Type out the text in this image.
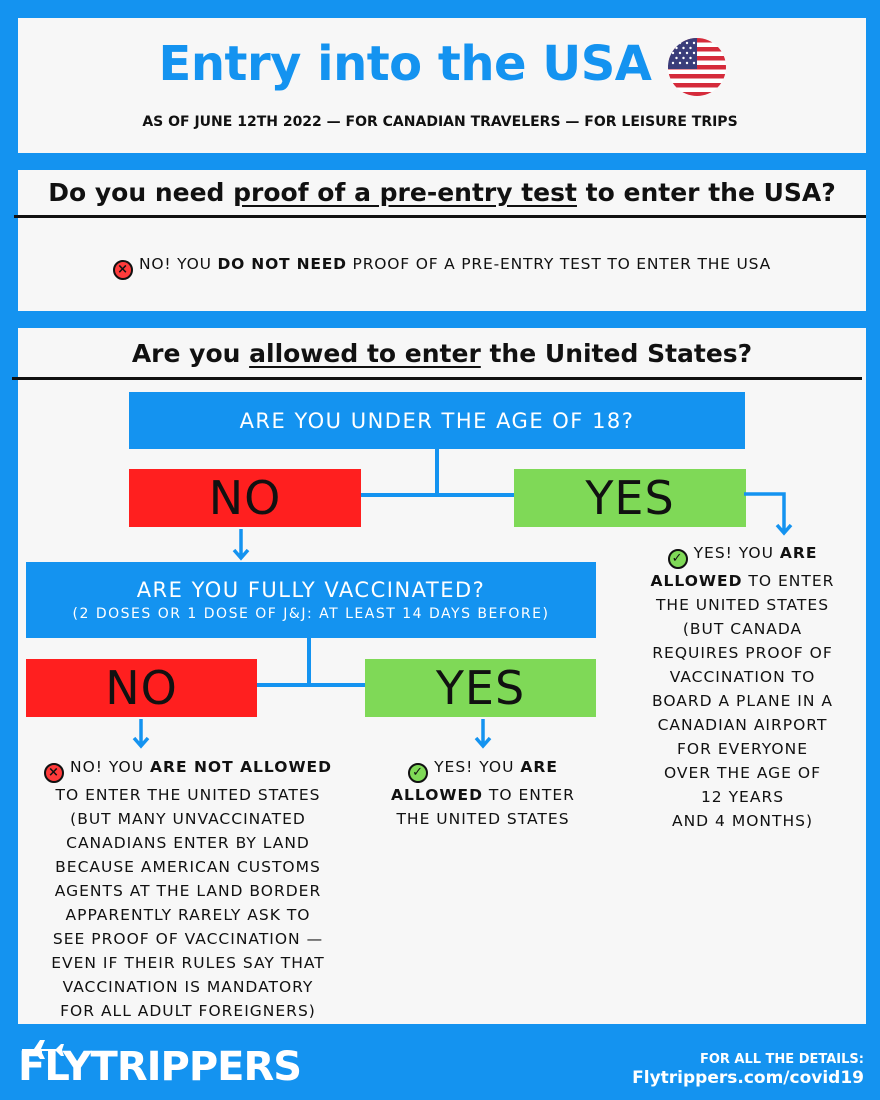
Entry into the USA
AS OF JUNE 12TH 2022 — FOR CANADIAN TRAVELERS — FOR LEISURE TRIPS
Do you need proof of a pre-entry test to enter the USA?
× NO! YOU DO NOT NEED PROOF OF A PRE-ENTRY TEST TO ENTER THE USA
Are you allowed to enter the United States?
ARE YOU UNDER THE AGE OF 18?
NO	YES
ARE YOU FULLY VACCINATED?
(2 DOSES OR 1 DOSE OF J&J: AT LEAST 14 DAYS BEFORE)
NO	YES
✓ YES! YOU ARE
ALLOWED TO ENTER
THE UNITED STATES
(BUT CANADA
REQUIRES PROOF OF
VACCINATION TO
BOARD A PLANE IN A
CANADIAN AIRPORT
FOR EVERYONE
OVER THE AGE OF
12 YEARS
AND 4 MONTHS)
× NO! YOU ARE NOT ALLOWED
TO ENTER THE UNITED STATES
(BUT MANY UNVACCINATED
CANADIANS ENTER BY LAND
BECAUSE AMERICAN CUSTOMS
AGENTS AT THE LAND BORDER
APPARENTLY RARELY ASK TO
SEE PROOF OF VACCINATION —
EVEN IF THEIR RULES SAY THAT
VACCINATION IS MANDATORY
FOR ALL ADULT FOREIGNERS)
✓ YES! YOU ARE
ALLOWED TO ENTER
THE UNITED STATES
FLYTRIPPERS	FOR ALL THE DETAILS:
Flytrippers.com/covid19
